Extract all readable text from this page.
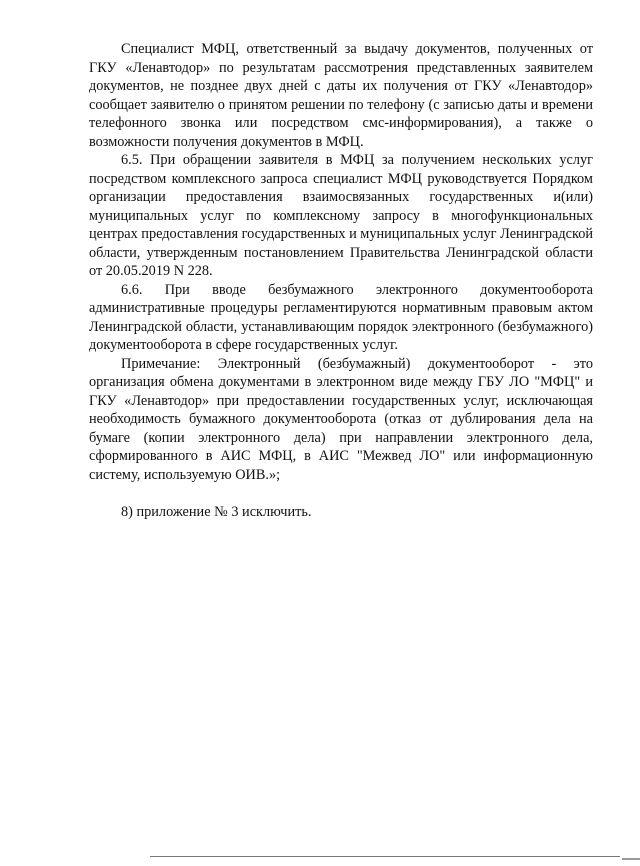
Специалист МФЦ, ответственный за выдачу документов, полученных от ГКУ «Ленавтодор» по результатам рассмотрения представленных заявителем документов, не позднее двух дней с даты их получения от ГКУ «Ленавтодор» сообщает заявителю о принятом решении по телефону (с записью даты и времени телефонного звонка или посредством смс-информирования), а также о возможности получения документов в МФЦ.

6.5. При обращении заявителя в МФЦ за получением нескольких услуг посредством комплексного запроса специалист МФЦ руководствуется Порядком организации предоставления взаимосвязанных государственных и(или) муниципальных услуг по комплексному запросу в многофункциональных центрах предоставления государственных и муниципальных услуг Ленинградской области, утвержденным постановлением Правительства Ленинградской области от 20.05.2019 N 228.

6.6. При вводе безбумажного электронного документооборота административные процедуры регламентируются нормативным правовым актом Ленинградской области, устанавливающим порядок электронного (безбумажного) документооборота в сфере государственных услуг.

Примечание: Электронный (безбумажный) документооборот - это организация обмена документами в электронном виде между ГБУ ЛО "МФЦ" и ГКУ «Ленавтодор» при предоставлении государственных услуг, исключающая необходимость бумажного документооборота (отказ от дублирования дела на бумаге (копии электронного дела) при направлении электронного дела, сформированного в АИС МФЦ, в АИС "Межвед ЛО" или информационную систему, используемую ОИВ.»;

8) приложение № 3 исключить.
